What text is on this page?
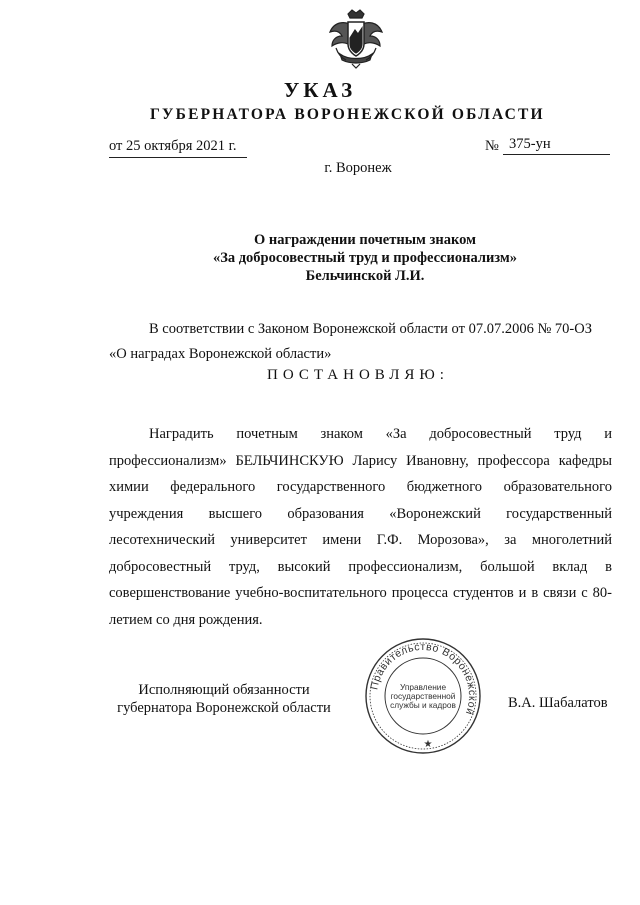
УКАЗ
ГУБЕРНАТОРА ВОРОНЕЖСКОЙ ОБЛАСТИ
от 25 октября 2021 г.	№ 375-ун
г. Воронеж
О награждении почетным знаком
«За добросовестный труд и профессионализм»
Бельчинской Л.И.
В соответствии с Законом Воронежской области от 07.07.2006 № 70-ОЗ
«О наградах Воронежской области»
ПОСТАНОВЛЯЮ:
Наградить почетным знаком «За добросовестный труд и профессионализм» БЕЛЬЧИНСКУЮ Ларису Ивановну, профессора кафедры химии федерального государственного бюджетного образовательного учреждения высшего образования «Воронежский государственный лесотехнический университет имени Г.Ф. Морозова», за многолетний добросовестный труд, высокий профессионализм, большой вклад в совершенствование учебно-воспитательного процесса студентов и в связи с 80-летием со дня рождения.
Исполняющий обязанности
губернатора Воронежской области
Правительство Воронежской
Управление
государственной
службы и кадров
★
В.А. Шабалатов
